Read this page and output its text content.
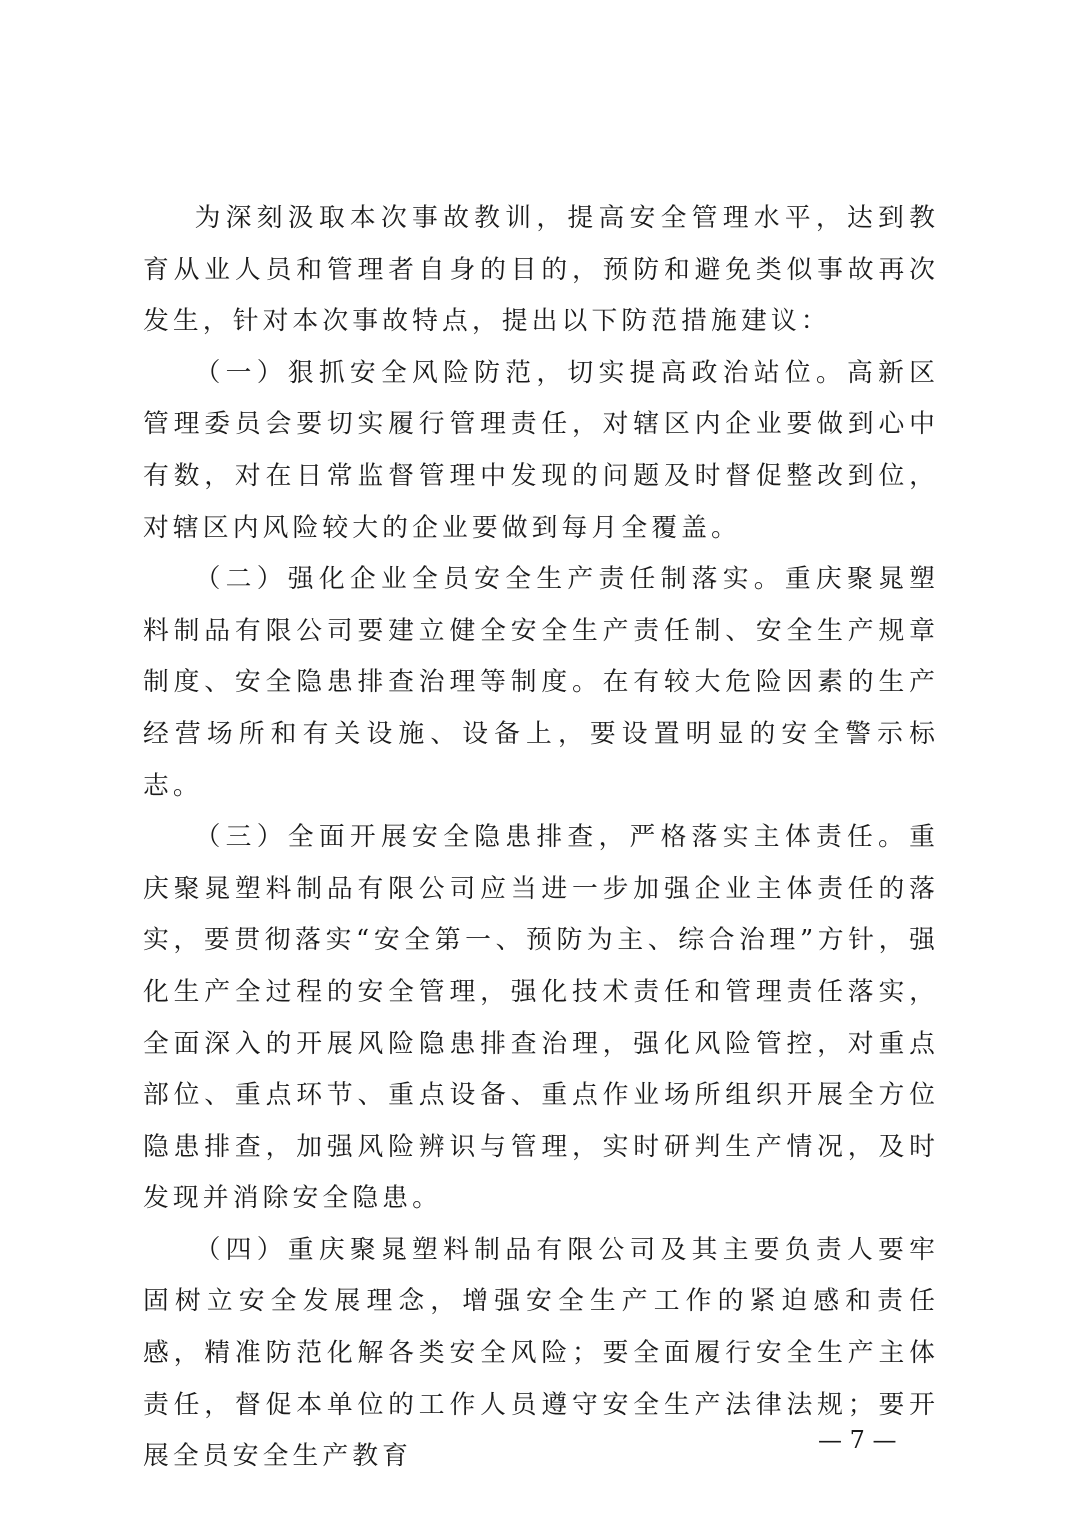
为深刻汲取本次事故教训，提高安全管理水平，达到教育从业人员和管理者自身的目的，预防和避免类似事故再次发生，针对本次事故特点，提出以下防范措施建议：

（一）狠抓安全风险防范，切实提高政治站位。高新区管理委员会要切实履行管理责任，对辖区内企业要做到心中有数，对在日常监督管理中发现的问题及时督促整改到位，对辖区内风险较大的企业要做到每月全覆盖。

（二）强化企业全员安全生产责任制落实。重庆聚晁塑料制品有限公司要建立健全安全生产责任制、安全生产规章制度、安全隐患排查治理等制度。在有较大危险因素的生产经营场所和有关设施、设备上，要设置明显的安全警示标志。

（三）全面开展安全隐患排查，严格落实主体责任。重庆聚晁塑料制品有限公司应当进一步加强企业主体责任的落实，要贯彻落实“安全第一、预防为主、综合治理”方针，强化生产全过程的安全管理，强化技术责任和管理责任落实，全面深入的开展风险隐患排查治理，强化风险管控，对重点部位、重点环节、重点设备、重点作业场所组织开展全方位隐患排查，加强风险辨识与管理，实时研判生产情况，及时发现并消除安全隐患。

（四）重庆聚晁塑料制品有限公司及其主要负责人要牢固树立安全发展理念，增强安全生产工作的紧迫感和责任感，精准防范化解各类安全风险；要全面履行安全生产主体责任，督促本单位的工作人员遵守安全生产法律法规；要开展全员安全生产教育

— 7 —
